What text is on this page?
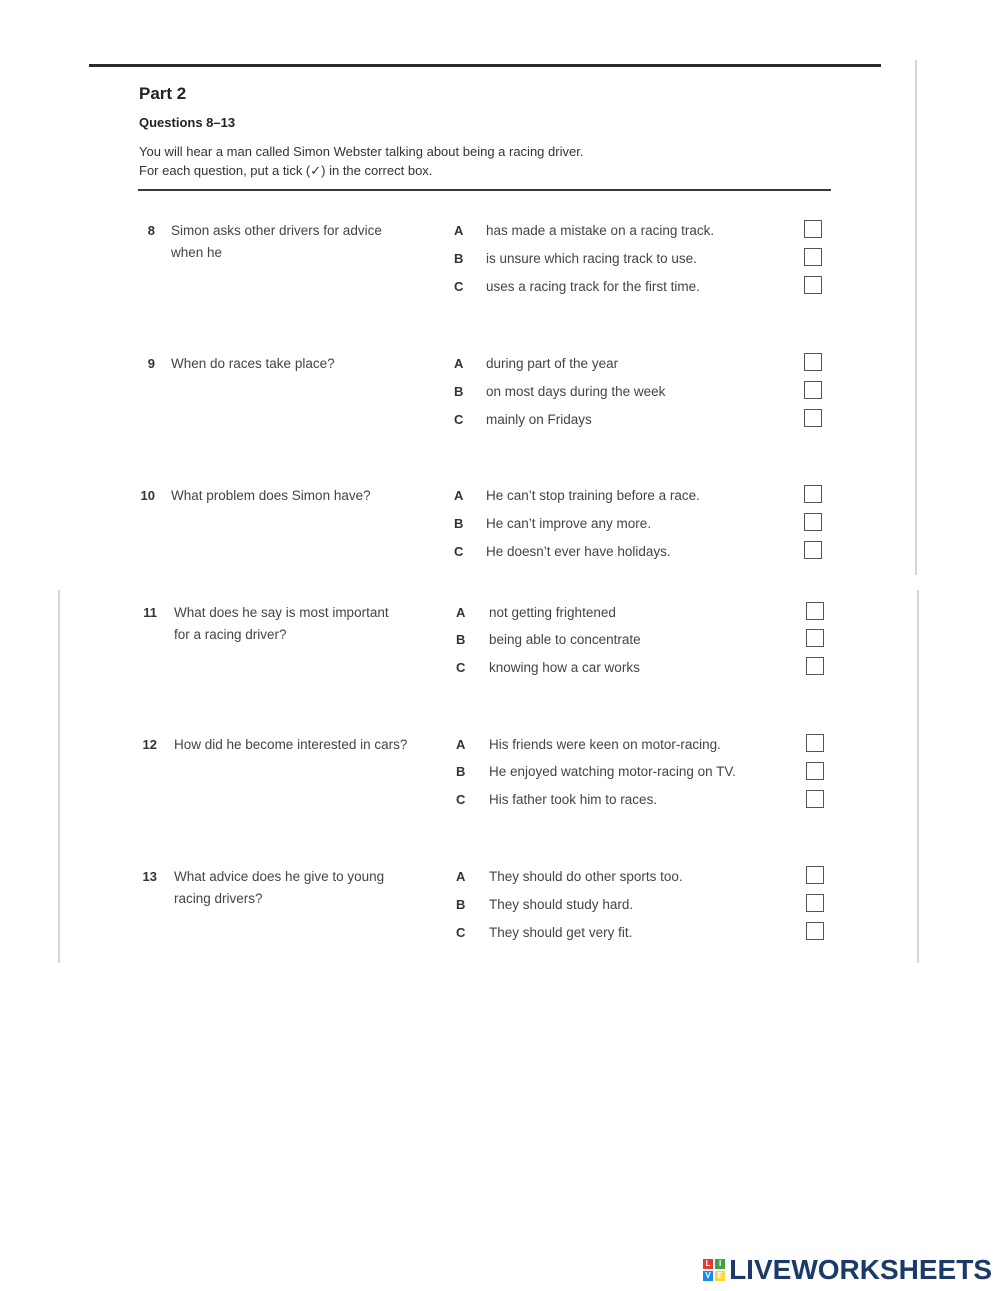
Part 2
Questions 8–13
You will hear a man called Simon Webster talking about being a racing driver.
For each question, put a tick (✓) in the correct box.
8 Simon asks other drivers for advice
when he
A has made a mistake on a racing track.
B is unsure which racing track to use.
C uses a racing track for the first time.
9 When do races take place?	A during part of the year
B on most days during the week
C mainly on Fridays
10 What problem does Simon have?	A He can’t stop training before a race.
B He can’t improve any more.
C He doesn’t ever have holidays.
11 What does he say is most important
for a racing driver?
A not getting frightened
B being able to concentrate
C knowing how a car works
12 How did he become interested in cars?	A His friends were keen on motor-racing.
B He enjoyed watching motor-racing on TV.
C His father took him to races.
13 What advice does he give to young
racing drivers?
A They should do other sports too.
B They should study hard.
C They should get very fit.
L	I
V E LIVEWORKSHEETS
